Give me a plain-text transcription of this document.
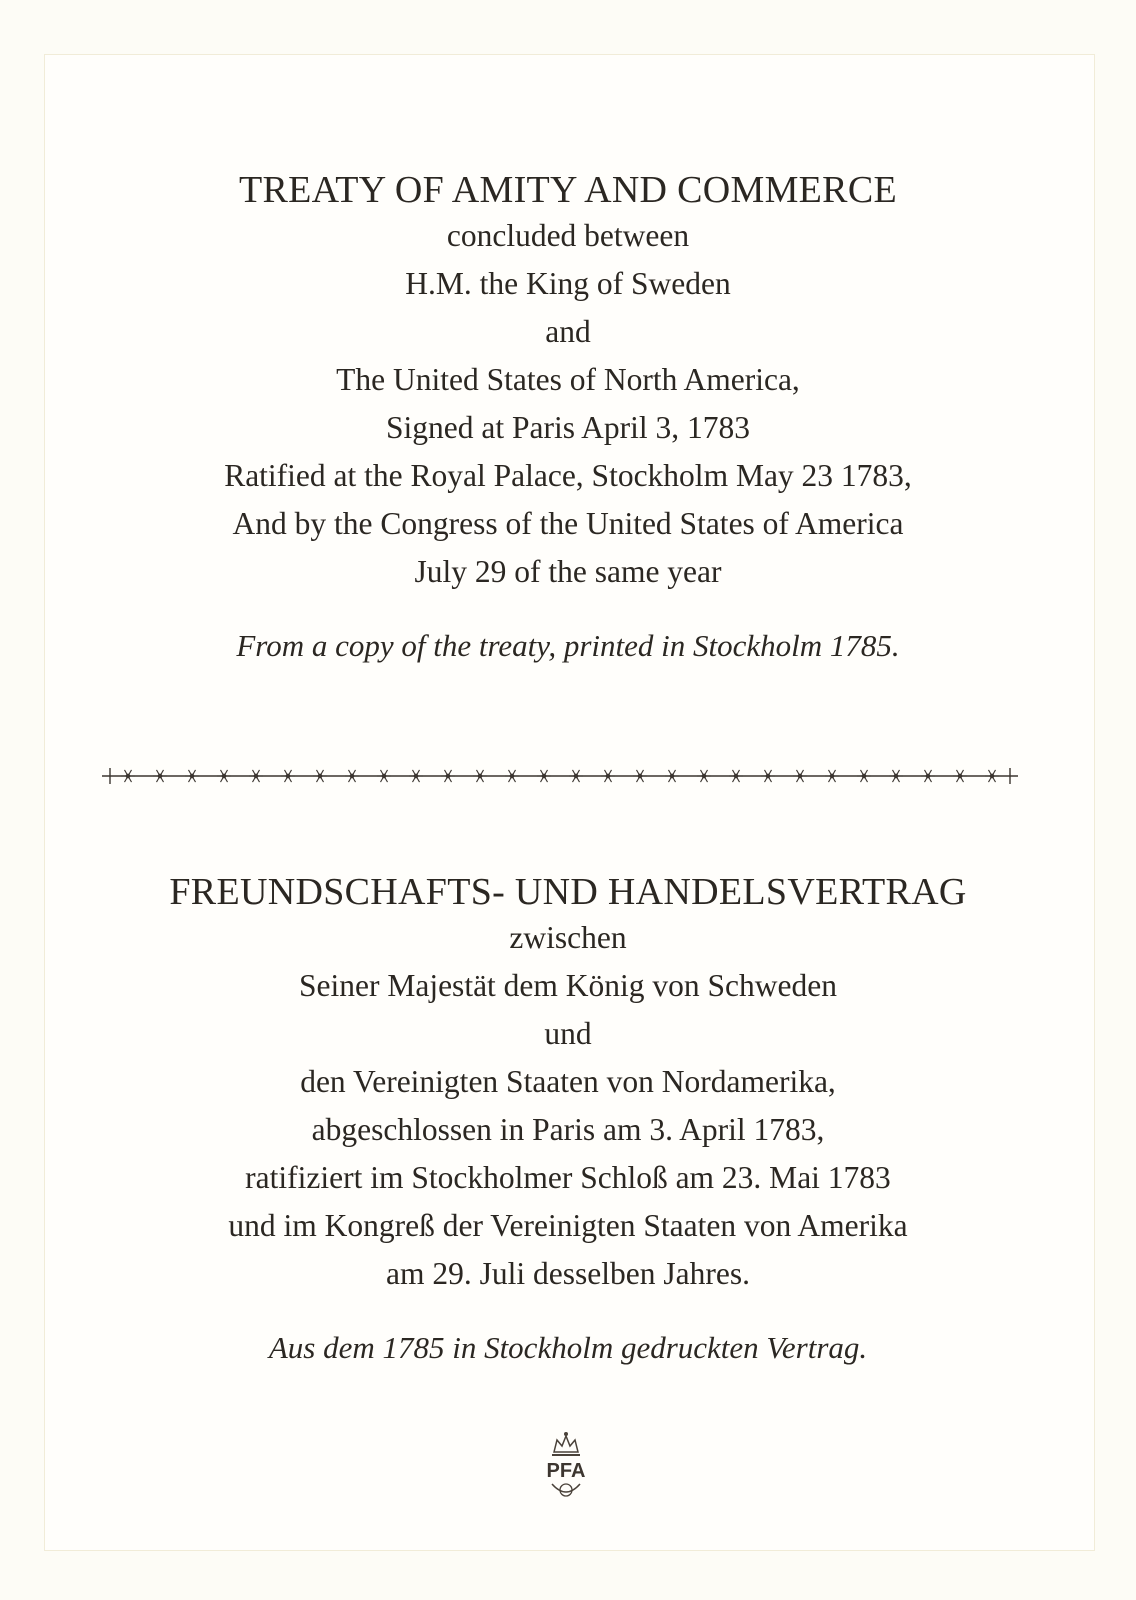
TREATY OF AMITY AND COMMERCE

concluded between

H.M. the King of Sweden

and

The United States of North America,

Signed at Paris April 3, 1783

Ratified at the Royal Palace, Stockholm May 23 1783,

And by the Congress of the United States of America

July 29 of the same year

From a copy of the treaty, printed in Stockholm 1785.

FREUNDSCHAFTS- UND HANDELSVERTRAG

zwischen

Seiner Majestät dem König von Schweden

und

den Vereinigten Staaten von Nordamerika,

abgeschlossen in Paris am 3. April 1783,

ratifiziert im Stockholmer Schloß am 23. Mai 1783

und im Kongreß der Vereinigten Staaten von Amerika

am 29. Juli desselben Jahres.

Aus dem 1785 in Stockholm gedruckten Vertrag.

PFA
